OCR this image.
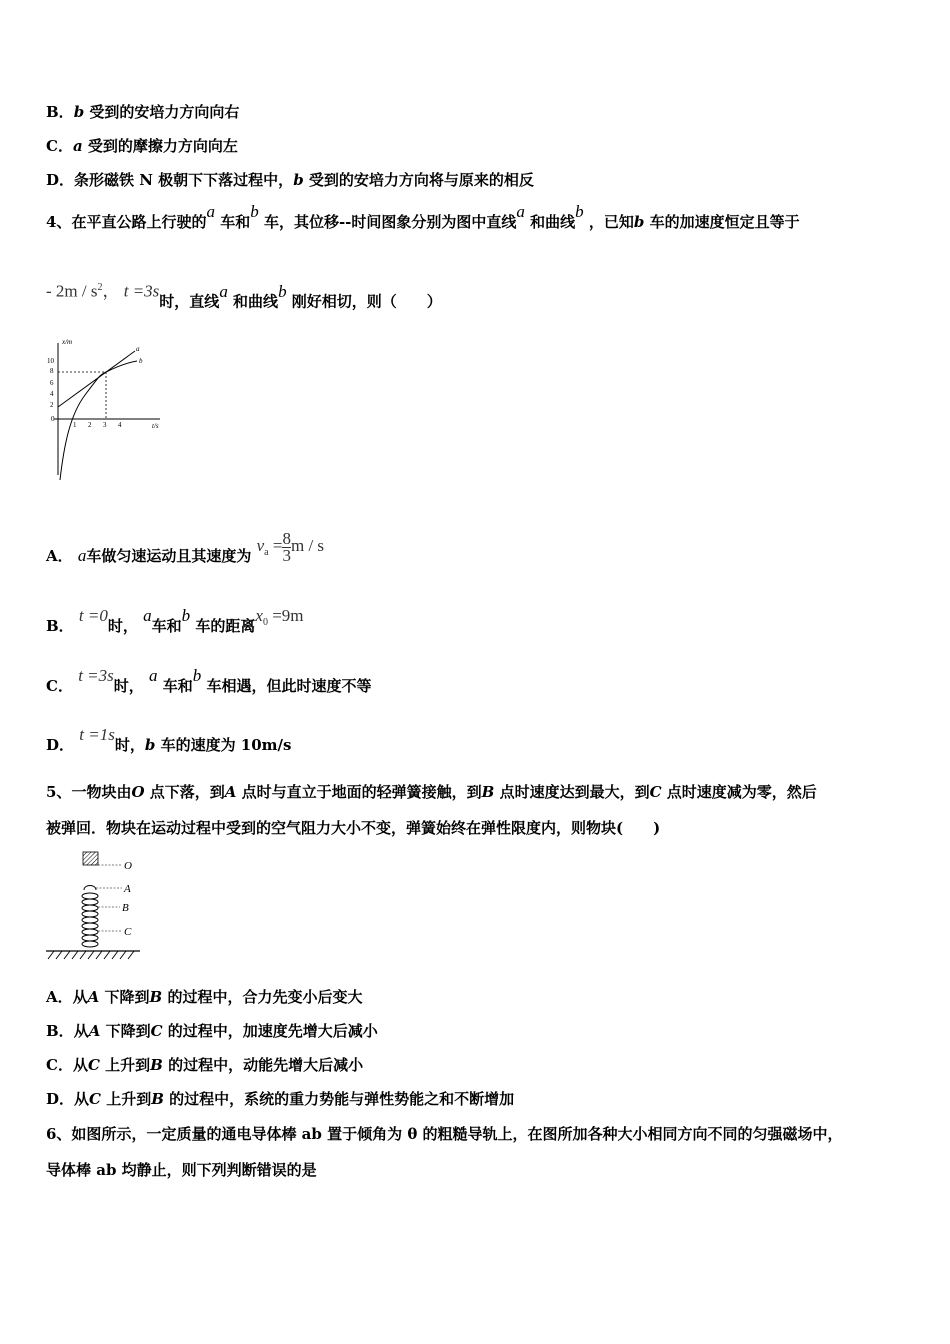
B．b 受到的安培力方向向右
C．a 受到的摩擦力方向向左
D．条形磁铁 N 极朝下下落过程中，b 受到的安培力方向将与原来的相反
4、在平直公路上行驶的a 车和b 车，其位移--时间图象分别为图中直线a 和曲线b ，已知b 车的加速度恒定且等于
- $2m / s^2$， t =3s时，直线a 和曲线b 刚好相切，则（　　）
x/m
t/s
10
8
6
4
2
0
1 2 3 4
a
b
A． a车做匀速运动且其速度为 $v_a = \frac{8}{3}$ m / s
B． t =0时， a车和b 车的距离$x_0 =9m$
C． t =3s时， a 车和b 车相遇，但此时速度不等
D． t =1s时，b 车的速度为 10m/s
5、一物块由O 点下落，到A 点时与直立于地面的轻弹簧接触，到B 点时速度达到最大，到C 点时速度减为零，然后
被弹回．物块在运动过程中受到的空气阻力大小不变，弹簧始终在弹性限度内，则物块(　　)
O
A
B
C
A．从A 下降到B 的过程中，合力先变小后变大
B．从A 下降到C 的过程中，加速度先增大后减小
C．从C 上升到B 的过程中，动能先增大后减小
D．从C 上升到B 的过程中，系统的重力势能与弹性势能之和不断增加
6、如图所示，一定质量的通电导体棒 ab 置于倾角为 θ 的粗糙导轨上，在图所加各种大小相同方向不同的匀强磁场中，
导体棒 ab 均静止，则下列判断错误的是
